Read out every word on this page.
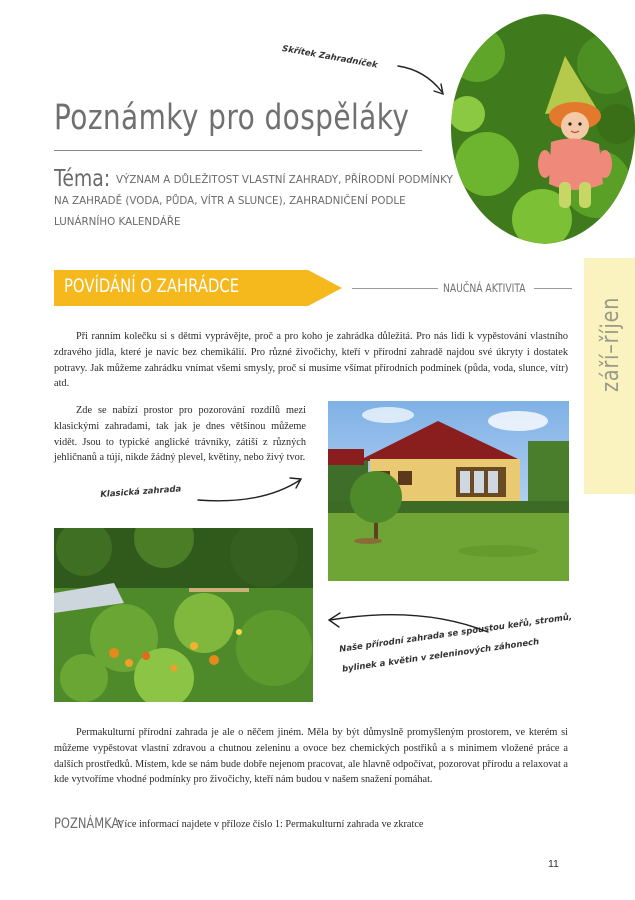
Poznámky pro dospěláky
Téma: VÝZNAM A DŮLEŽITOST VLASTNÍ ZAHRADY, PŘÍRODNÍ PODMÍNKY NA ZAHRADĚ (VODA, PŮDA, VÍTR A SLUNCE), ZAHRADNIČENÍ PODLE LUNÁRNÍHO KALENDÁŘE
POVÍDÁNÍ O ZAHRÁDCE	NAUČNÁ AKTIVITA
září–říjen
Při ranním kolečku si s dětmi vyprávějte, proč a pro koho je zahrádka důležitá. Pro nás lidi k vypěstování vlastního zdravého jídla, které je navíc bez chemikálií. Pro různé živočichy, kteří v přírodní zahradě najdou své úkryty i dostatek potravy. Jak můžeme zahrádku vnímat všemi smysly, proč si musíme všímat přírodních podmínek (půda, voda, slunce, vítr) atd.
Zde se nabízí prostor pro pozorování rozdílů mezi klasickými zahradami, tak jak je dnes většinou můžeme vidět. Jsou to typické anglické trávníky, zátiší z různých jehličnanů a tújí, nikde žádný plevel, květiny, nebo živý tvor.
Permakulturní přírodní zahrada je ale o něčem jiném. Měla by být důmyslně promyšleným prostorem, ve kterém si můžeme vypěstovat vlastní zdravou a chutnou zeleninu a ovoce bez chemických postřiků a s minimem vložené práce a dalších prostředků. Místem, kde se nám bude dobře nejenom pracovat, ale hlavně odpočívat, pozorovat přírodu a relaxovat a kde vytvoříme vhodné podmínky pro živočichy, kteří nám budou v našem snažení pomáhat.
Skřítek Zahradníček
Klasická zahrada
Naše přírodní zahrada se spoustou keřů, stromů, bylinek a květin v zeleninových záhonech
POZNÁMKA:
Více informací najdete v příloze číslo 1: Permakulturní zahrada ve zkratce
11
